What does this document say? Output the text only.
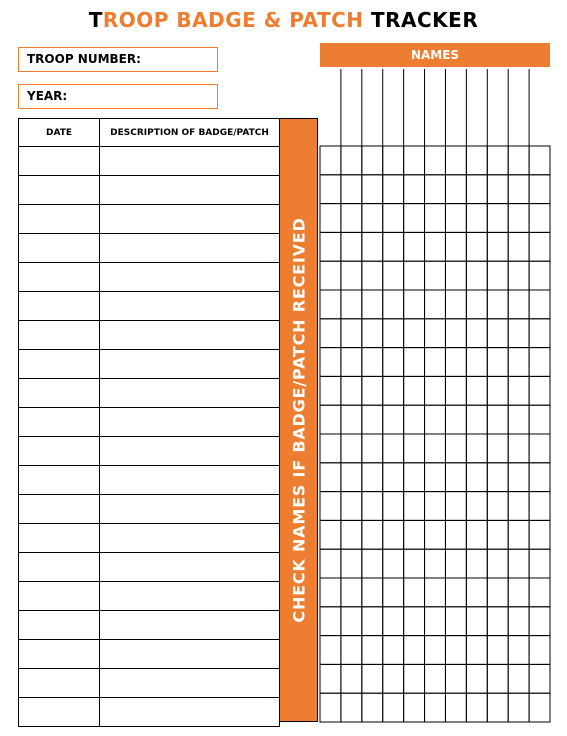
TROOP BADGE & PATCH TRACKER
TROOP NUMBER:
YEAR:
NAMES
DATE	DESCRIPTION OF BADGE/PATCH

CHECK NAMES IF BADGE/PATCH RECEIVED
